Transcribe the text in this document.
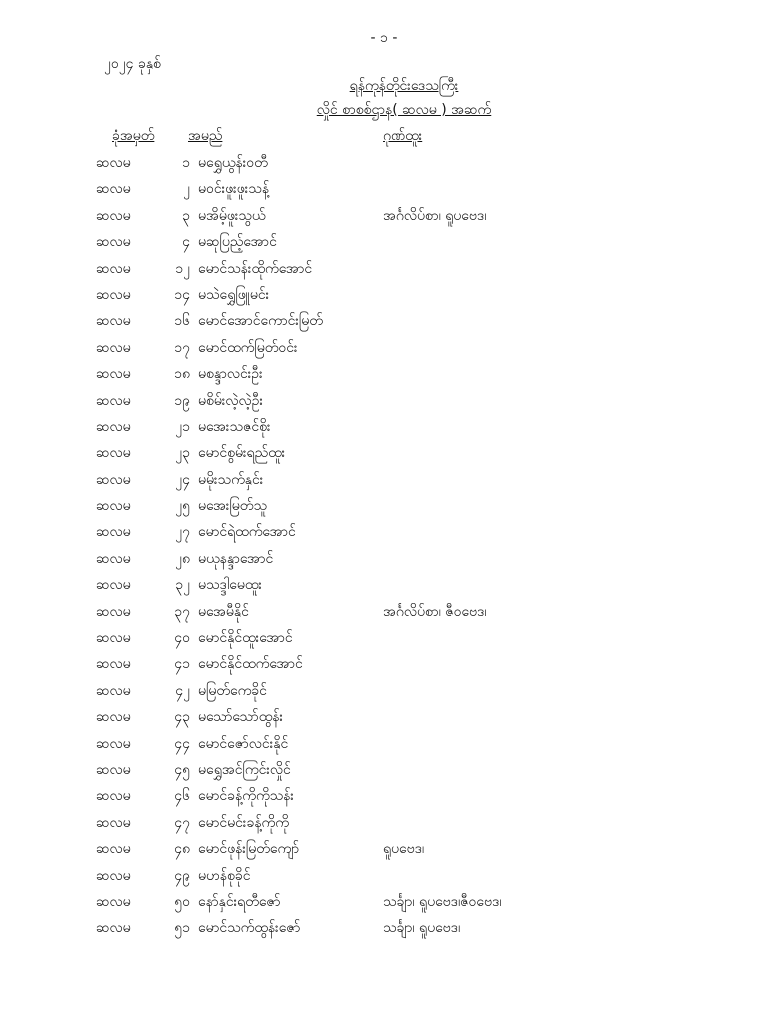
- ၁ -
၂၀၂၄ ခုနှစ်
ရန်ကုန်တိုင်းဒေသကြီး
လှိုင် စာစစ်ဌာန( ဆလမ ) အဆက်
ခုံအမှတ် အမည်	ဂုဏ်ထူး
ဆလမ	၁ မရွှေယွန်းဝတီ
ဆလမ	၂ မဝင်းဖူးဖူးသန့်
ဆလမ	၃ မအိမ့်ဖူးသွယ်	အင်္ဂလိပ်စာ၊ ရူပဗေဒ၊
ဆလမ	၄ မဆုပြည့်အောင်
ဆလမ	၁၂ မောင်သန်းထိုက်အောင်
ဆလမ	၁၄ မသဲရွှေဖြူမင်း
ဆလမ	၁၆ မောင်အောင်ကောင်းမြတ်
ဆလမ	၁၇ မောင်ထက်မြတ်ဝင်း
ဆလမ	၁၈ မစန္ဒာလင်းဦး
ဆလမ	၁၉ မစိမ်းလဲ့လဲ့ဦး
ဆလမ	၂၁ မအေးသဇင်စိုး
ဆလမ	၂၃ မောင်စွမ်းရည်ထူး
ဆလမ	၂၄ မမိုးသက်နှင်း
ဆလမ	၂၅ မအေးမြတ်သူ
ဆလမ	၂၇ မောင်ရဲထက်အောင်
ဆလမ	၂၈ မယုနန္ဒာအောင်
ဆလမ	၃၂ မသဒ္ဒါမေထူး
ဆလမ	၃၇ မအေမီနိုင်	အင်္ဂလိပ်စာ၊ ဇီဝဗေဒ၊
ဆလမ	၄၀ မောင်နိုင်ထူးအောင်
ဆလမ	၄၁ မောင်နိုင်ထက်အောင်
ဆလမ	၄၂ မမြတ်ကေခိုင်
ဆလမ	၄၃ မသော်သော်ထွန်း
ဆလမ	၄၄ မောင်ဇော်လင်းနိုင်
ဆလမ	၄၅ မရွှေအင်ကြင်းလှိုင်
ဆလမ	၄၆ မောင်ခန့်ကိုကိုသန်း
ဆလမ	၄၇ မောင်မင်းခန့်ကိုကို
ဆလမ	၄၈ မောင်ဖုန်းမြတ်ကျော်	ရူပဗေဒ၊
ဆလမ	၄၉ မဟန်စုခိုင်
ဆလမ	၅၀ နော်နှင်းရတီဇော်	သင်္ချာ၊ ရူပဗေဒ၊ဇီဝဗေဒ၊
ဆလမ	၅၁ မောင်သက်ထွန်းဇော်	သင်္ချာ၊ ရူပဗေဒ၊
